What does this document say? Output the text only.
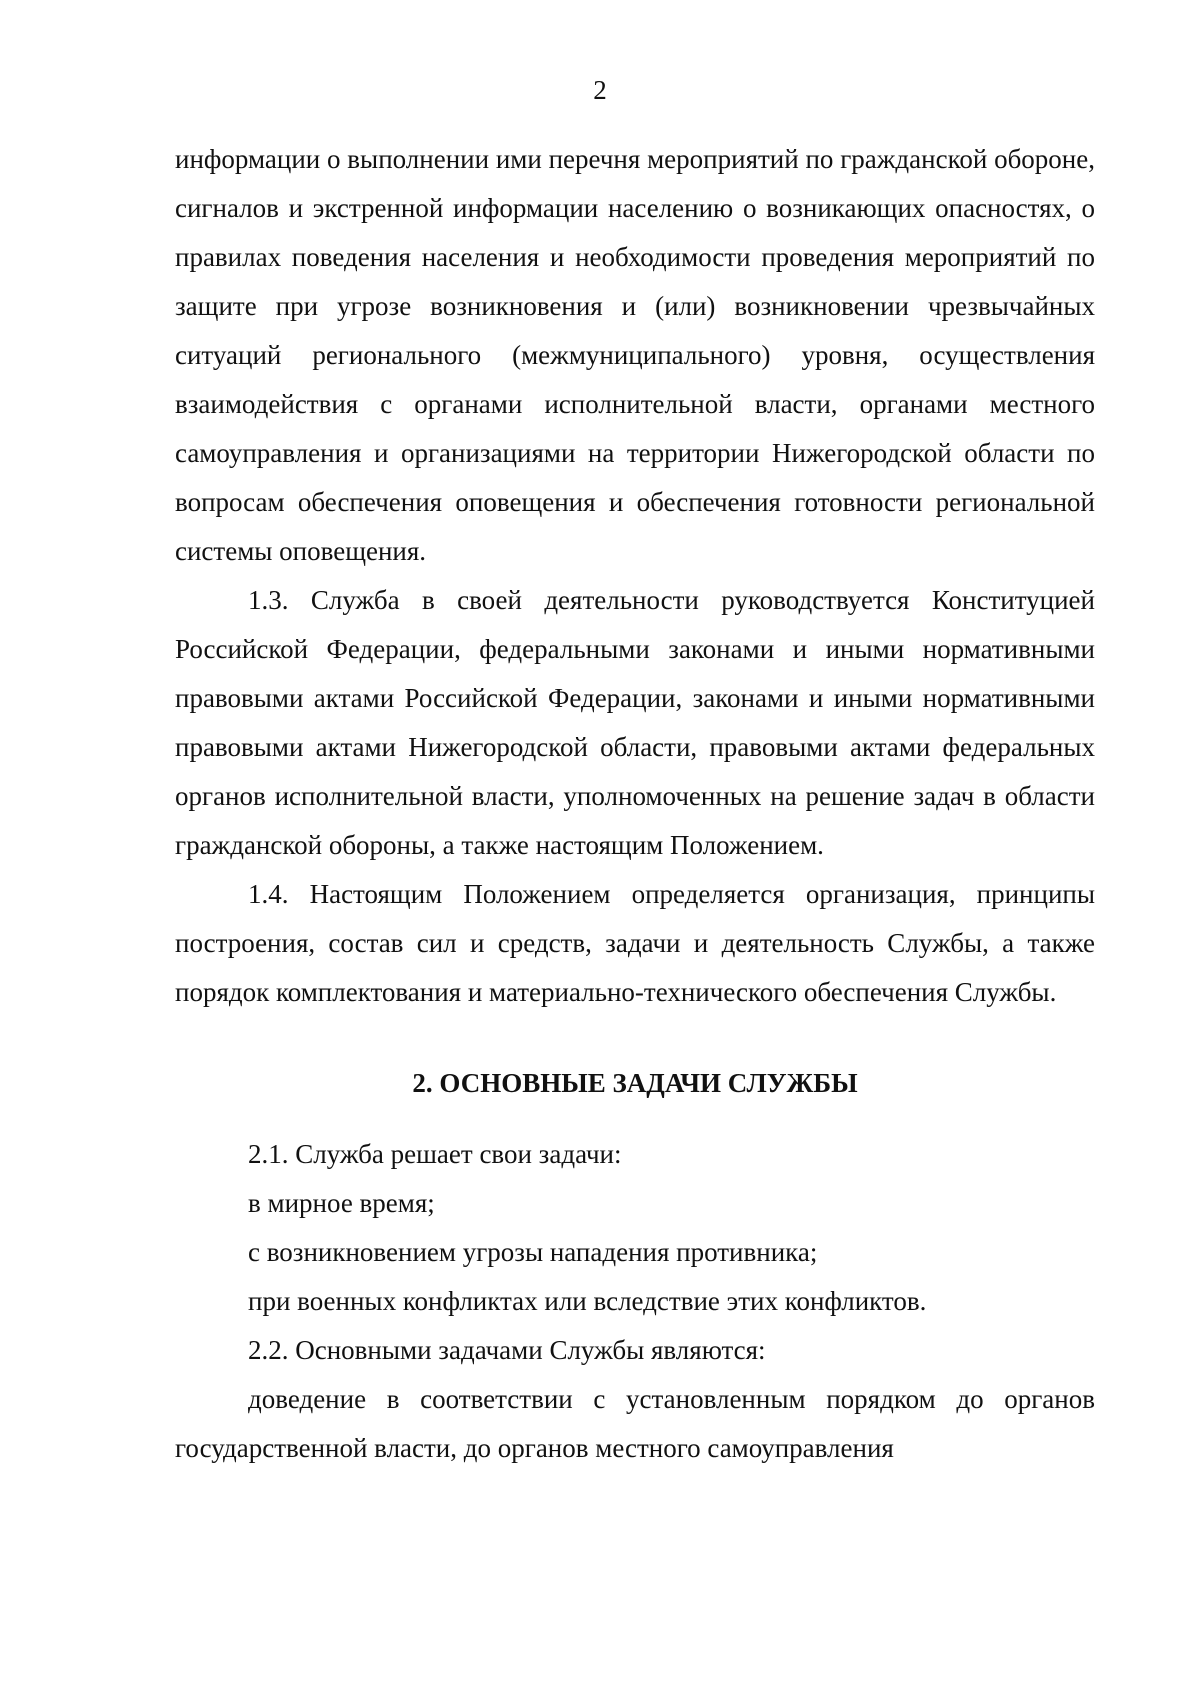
2

информации о выполнении ими перечня мероприятий по гражданской обороне, сигналов и экстренной информации населению о возникающих опасностях, о правилах поведения населения и необходимости проведения мероприятий по защите при угрозе возникновения и (или) возникновении чрезвычайных ситуаций регионального (межмуниципального) уровня, осуществления взаимодействия с органами исполнительной власти, органами местного самоуправления и организациями на территории Нижегородской области по вопросам обеспечения оповещения и обеспечения готовности региональной системы оповещения.

1.3. Служба в своей деятельности руководствуется Конституцией Российской Федерации, федеральными законами и иными нормативными правовыми актами Российской Федерации, законами и иными нормативными правовыми актами Нижегородской области, правовыми актами федеральных органов исполнительной власти, уполномоченных на решение задач в области гражданской обороны, а также настоящим Положением.

1.4. Настоящим Положением определяется организация, принципы построения, состав сил и средств, задачи и деятельность Службы, а также порядок комплектования и материально-технического обеспечения Службы.

2. ОСНОВНЫЕ ЗАДАЧИ СЛУЖБЫ

2.1. Служба решает свои задачи:

в мирное время;

с возникновением угрозы нападения противника;

при военных конфликтах или вследствие этих конфликтов.

2.2. Основными задачами Службы являются:

доведение в соответствии с установленным порядком до органов государственной власти, до органов местного самоуправления
